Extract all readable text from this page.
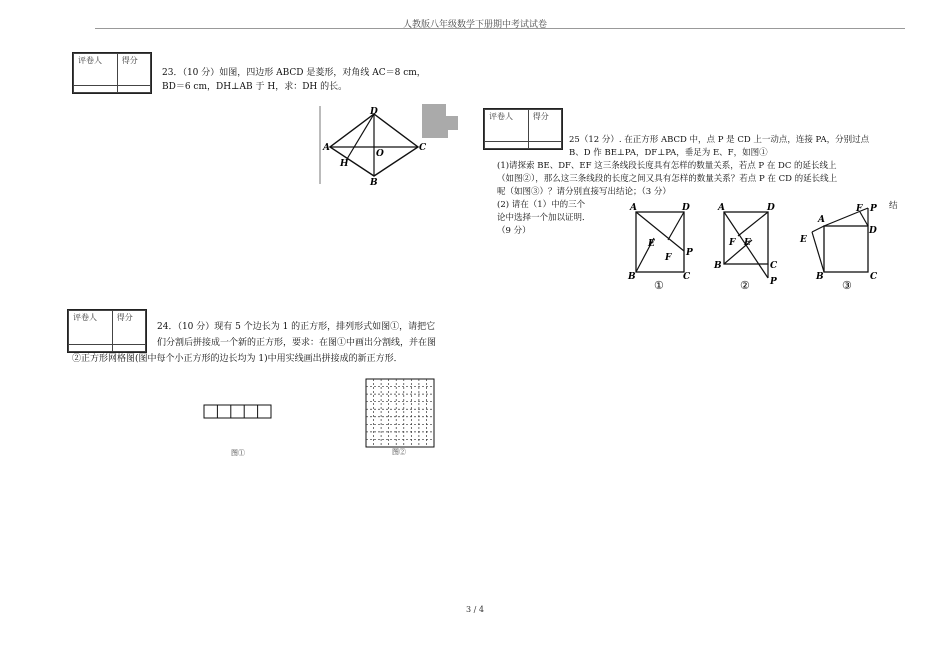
人教版八年级数学下册期中考试试卷
评卷人	得分

23．（10 分）如图，四边形 ABCD 是菱形，对角线 AC＝8 cm，
BD＝6 cm，DH⊥AB 于 H，求：DH 的长。
D
A	C
O
H
B
评卷人	得分

25（12 分）. 在正方形 ABCD 中，点 P 是 CD 上一动点，连接 PA，分别过点
B、D 作 BE⊥PA，DF⊥PA，垂足为 E、F，如图①
(1)请探索 BE、DF、EF 这三条线段长度具有怎样的数量关系，若点 P 在 DC 的延长线上
（如图②），那么这三条线段的长度之间又具有怎样的数量关系？若点 P 在 CD 的延长线上
呢（如图③）？请分别直接写出结论；（3 分）
(2) 请在（1）中的三个	结
论中选择一个加以证明．
（9 分）
A	D
E
F P
B	C
①
A	D
F E
B	C
P
②
A
F P
D
E
B	C
③
评卷人	得分

24．（10 分）现有 5 个边长为 1 的正方形，排列形式如图①，请把它
们分割后拼接成一个新的正方形，要求：在图①中画出分割线，并在图
②正方形网格图(图中每个小正方形的边长均为 1)中用实线画出拼接成的新正方形．
图①	图②
3 / 4
